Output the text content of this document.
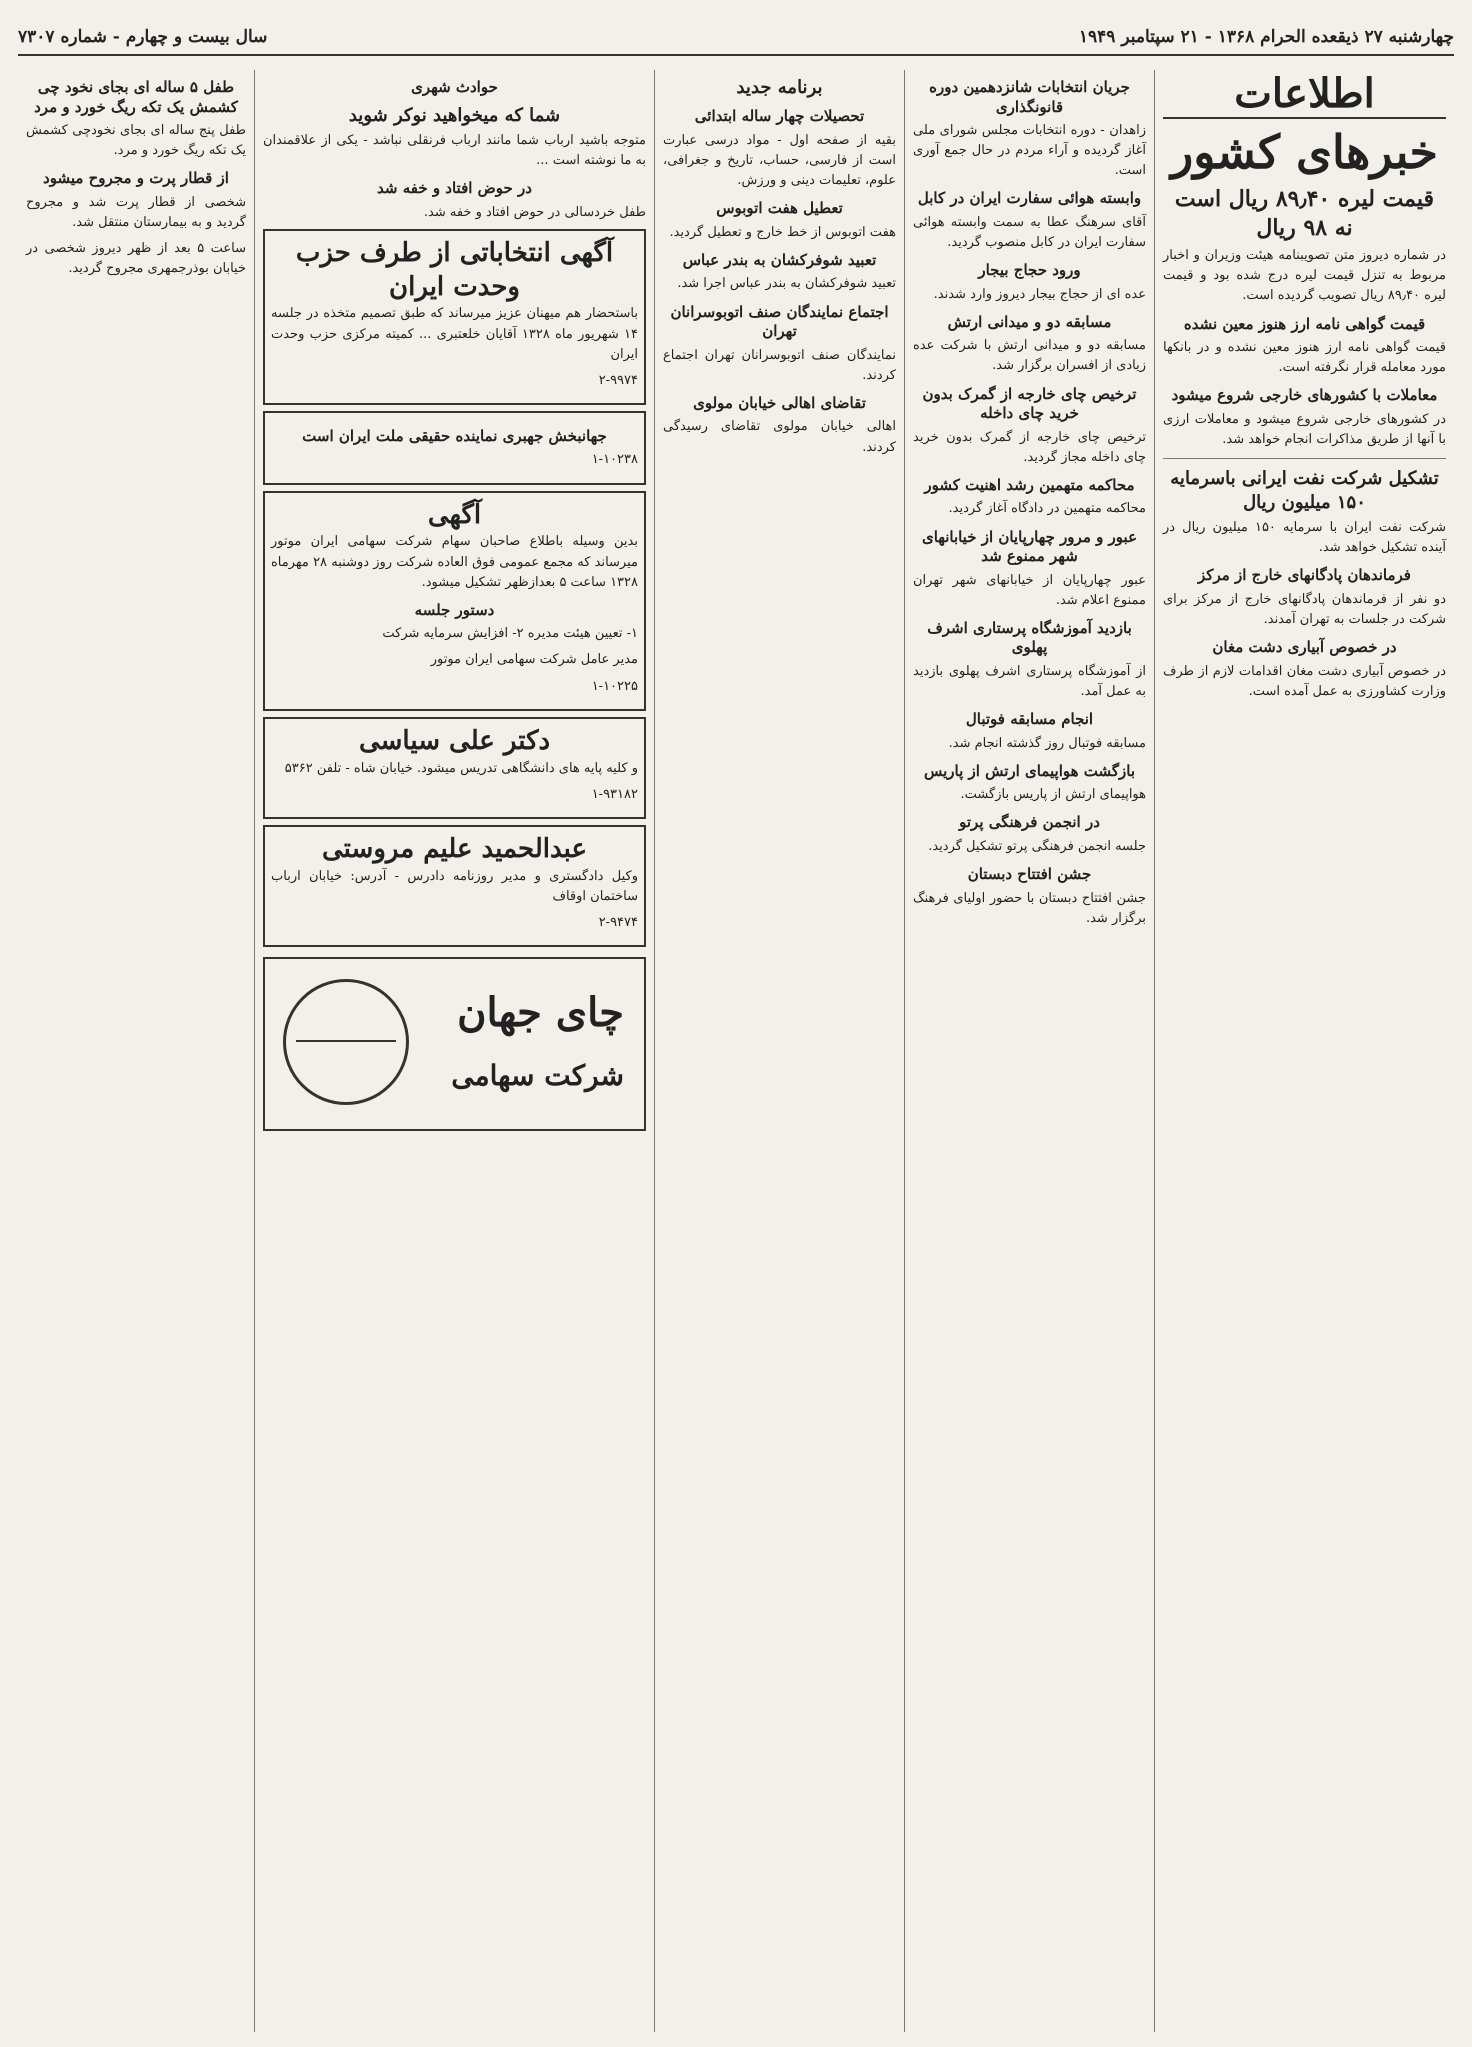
چهارشنبه ۲۷ ذیقعده الحرام ۱۳۶۸ - ۲۱ سپتامبر ۱۹۴۹
سال بیست و چهارم - شماره ۷۳۰۷
اطلاعات
خبرهای کشور
قیمت لیره ۸۹٫۴۰ ریال است نه ۹۸ ریال

در شماره دیروز متن تصویبنامه هیئت وزیران و اخبار مربوط به تنزل قیمت لیره درج شده بود و قیمت لیره ۸۹٫۴۰ ریال تصویب گردیده است.

قیمت گواهی نامه ارز هنوز معین نشده

قیمت گواهی نامه ارز هنوز معین نشده و در بانکها مورد معامله قرار نگرفته است.

معاملات با کشورهای خارجی شروع میشود

در کشورهای خارجی شروع میشود و معاملات ارزی با آنها از طریق مذاکرات انجام خواهد شد.

تشکیل شرکت نفت ایرانی باسرمایه ۱۵۰ میلیون ریال

شرکت نفت ایران با سرمایه ۱۵۰ میلیون ریال در آینده تشکیل خواهد شد.

فرماندهان پادگانهای خارج از مرکز

دو نفر از فرماندهان پادگانهای خارج از مرکز برای شرکت در جلسات به تهران آمدند.

در خصوص آبیاری دشت مغان

در خصوص آبیاری دشت مغان اقدامات لازم از طرف وزارت کشاورزی به عمل آمده است.

جریان انتخابات شانزدهمین دوره قانونگذاری

زاهدان - دوره انتخابات مجلس شورای ملی آغاز گردیده و آراء مردم در حال جمع آوری است.

وابسته هوائی سفارت ایران در کابل

آقای سرهنگ عطا به سمت وابسته هوائی سفارت ایران در کابل منصوب گردید.

ورود حجاج بیجار

عده ای از حجاج بیجار دیروز وارد شدند.

مسابقه دو و میدانی ارتش

مسابقه دو و میدانی ارتش با شرکت عده زیادی از افسران برگزار شد.

ترخیص چای خارجه از گمرک بدون خرید چای داخله

ترخیص چای خارجه از گمرک بدون خرید چای داخله مجاز گردید.

محاکمه متهمین رشد اهنیت کشور

محاکمه متهمین در دادگاه آغاز گردید.

عبور و مرور چهارپایان از خیابانهای شهر ممنوع شد

عبور چهارپایان از خیابانهای شهر تهران ممنوع اعلام شد.

بازدید آموزشگاه پرستاری اشرف پهلوی

از آموزشگاه پرستاری اشرف پهلوی بازدید به عمل آمد.

انجام مسابقه فوتبال

مسابقه فوتبال روز گذشته انجام شد.

بازگشت هواپیمای ارتش از پاریس

هواپیمای ارتش از پاریس بازگشت.

در انجمن فرهنگی پرتو

جلسه انجمن فرهنگی پرتو تشکیل گردید.

جشن افتتاح دبستان

جشن افتتاح دبستان با حضور اولیای فرهنگ برگزار شد.

برنامه جدید
تحصیلات چهار ساله ابتدائی

بقیه از صفحه اول - مواد درسی عبارت است از فارسی، حساب، تاریخ و جغرافی، علوم، تعلیمات دینی و ورزش.

تعطیل هفت اتوبوس

هفت اتوبوس از خط خارج و تعطیل گردید.

تعبید شوفرکشان به بندر عباس

تعبید شوفرکشان به بندر عباس اجرا شد.

اجتماع نمایندگان صنف اتوبوسرانان تهران

نمایندگان صنف اتوبوسرانان تهران اجتماع کردند.

تقاضای اهالی خیابان مولوی

اهالی خیابان مولوی تقاضای رسیدگی کردند.

حوادث شهری
شما که میخواهید نوکر شوید

متوجه باشید ارباب شما مانند ارباب فرنقلی نباشد - یکی از علاقمندان به ما نوشته است ...

در حوض افتاد و خفه شد

طفل خردسالی در حوض افتاد و خفه شد.

آگهی انتخاباتی از طرف حزب وحدت ایران

باستحضار هم میهنان عزیز میرساند که طبق تصمیم متخذه در جلسه ۱۴ شهریور ماه ۱۳۲۸ آقایان خلعتبری ... کمیته مرکزی حزب وحدت ایران

۲-۹۹۷۴

جهانبخش جهبری نماینده حقیقی ملت ایران است

۱-۱۰۲۳۸

آگهی

بدین وسیله باطلاع صاحبان سهام شرکت سهامی ایران موتور میرساند که مجمع عمومی فوق العاده شرکت روز دوشنبه ۲۸ مهرماه ۱۳۲۸ ساعت ۵ بعدازظهر تشکیل میشود.

دستور جلسه

۱- تعیین هیئت مدیره ۲- افزایش سرمایه شرکت

مدیر عامل شرکت سهامی ایران موتور

۱-۱۰۲۲۵

دکتر علی سیاسی

و کلیه پایه های دانشگاهی تدریس میشود. خیابان شاه - تلفن ۵۳۶۲

۱-۹۳۱۸۲

عبدالحمید علیم مروستی

وکیل دادگستری و مدیر روزنامه دادرس - آدرس: خیابان ارباب ساختمان اوقاف

۲-۹۴۷۴

چای جهان
شرکت سهامی
طفل ۵ ساله ای بجای نخود چی کشمش یک تکه ریگ خورد و مرد

طفل پنج ساله ای بجای نخودچی کشمش یک تکه ریگ خورد و مرد.

از قطار پرت و مجروح میشود

شخصی از قطار پرت شد و مجروح گردید و به بیمارستان منتقل شد.

ساعت ۵ بعد از ظهر دیروز شخصی در خیابان بوذرجمهری مجروح گردید.
